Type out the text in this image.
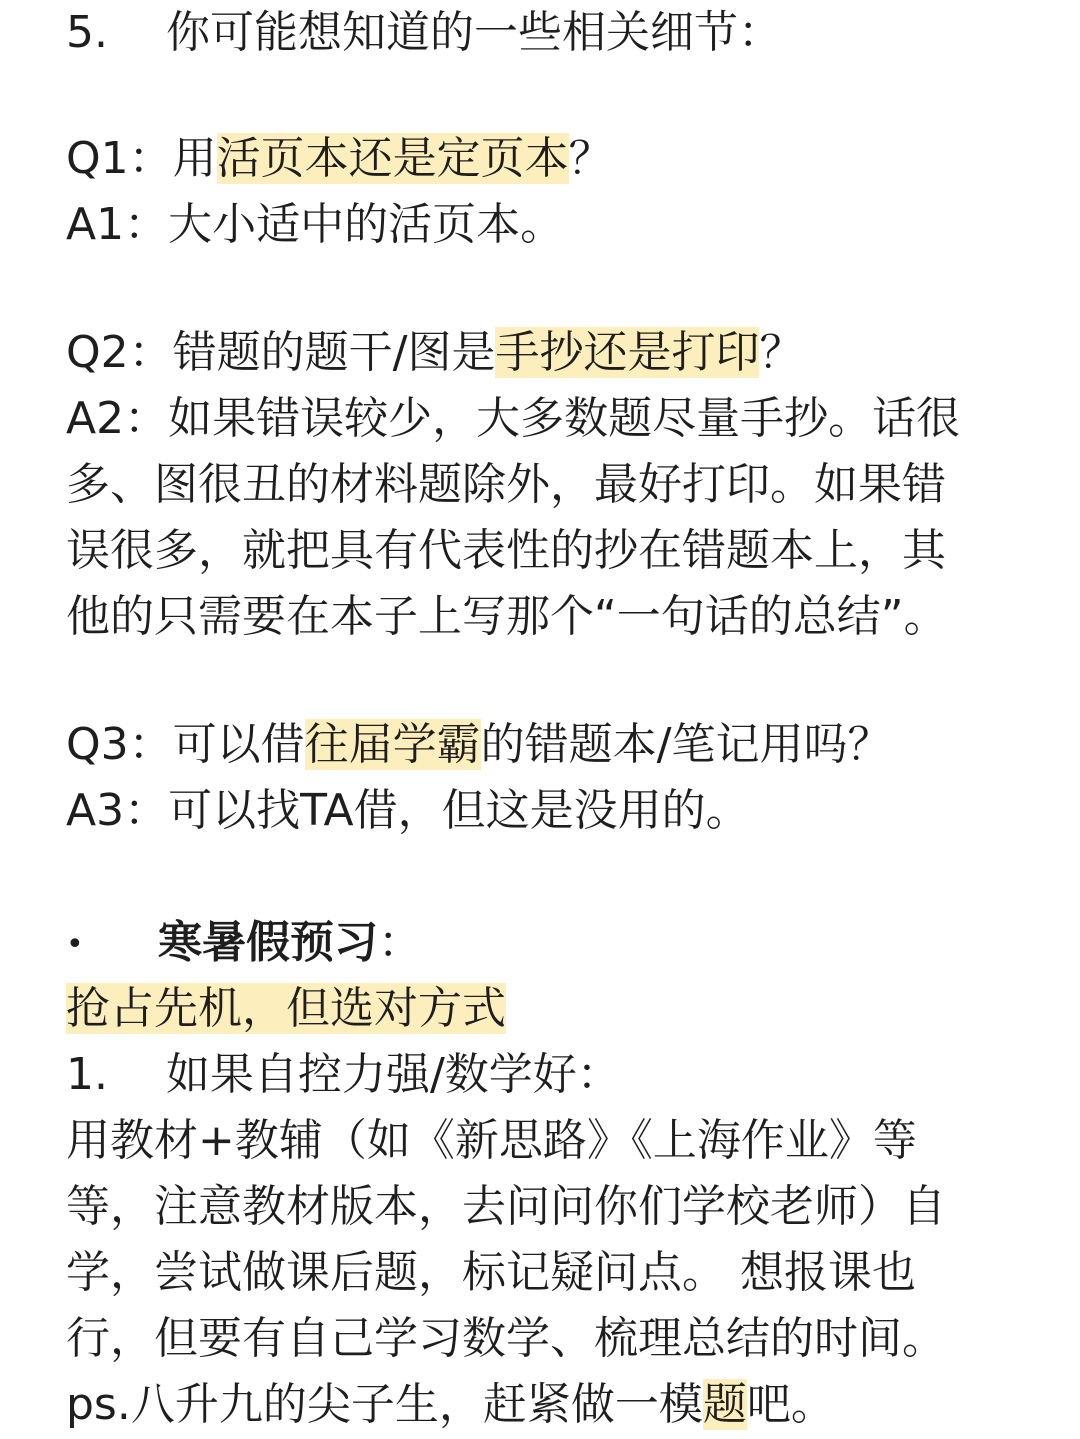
5.　 你可能想知道的一些相关细节：
Q1：用活页本还是定页本？
A1：大小适中的活页本。
Q2：错题的题干/图是手抄还是打印？
A2：如果错误较少，大多数题尽量手抄。话很
多、图很丑的材料题除外，最好打印。如果错
误很多，就把具有代表性的抄在错题本上，其
他的只需要在本子上写那个“一句话的总结”。
Q3：可以借往届学霸的错题本/笔记用吗？
A3：可以找TA借，但这是没用的。
• 寒暑假预习：
抢占先机，但选对方式
1.　 如果自控力强/数学好：
用教材+教辅（如《新思路》《上海作业》等
等，注意教材版本，去问问你们学校老师）自
学，尝试做课后题，标记疑问点。 想报课也
行，但要有自己学习数学、梳理总结的时间。
ps.八升九的尖子生，赶紧做一模题吧。
